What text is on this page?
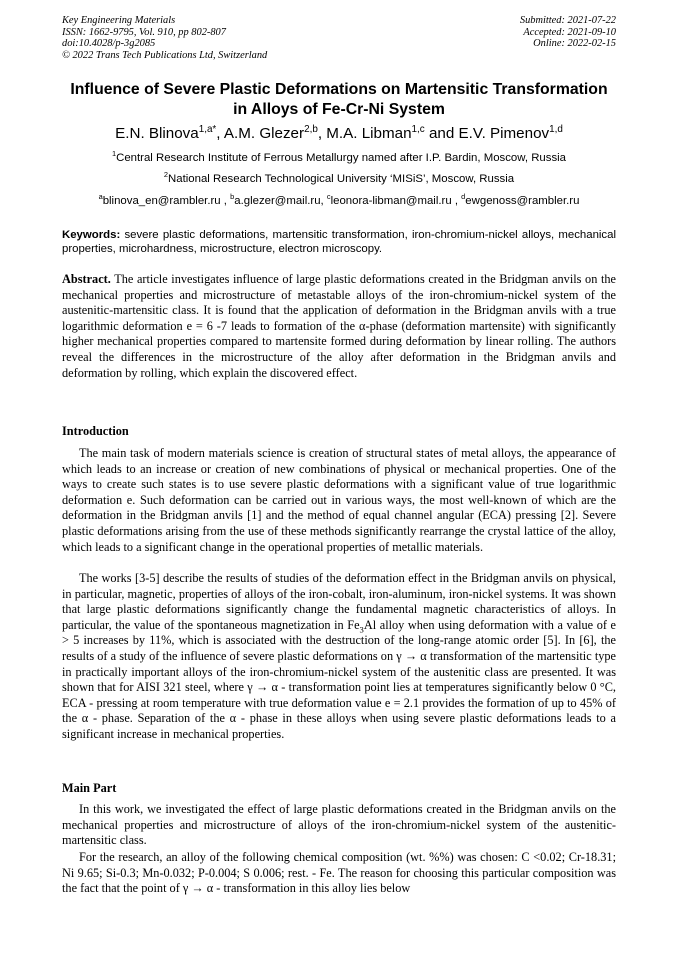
Key Engineering Materials
ISSN: 1662-9795, Vol. 910, pp 802-807
doi:10.4028/p-3g2085
© 2022 Trans Tech Publications Ltd, Switzerland
Submitted: 2021-07-22
Accepted: 2021-09-10
Online: 2022-02-15
Influence of Severe Plastic Deformations on Martensitic Transformation
in Alloys of Fe-Cr-Ni System
E.N. Blinova$^{1,a*}$, A.M. Glezer$^{2,b}$, M.A. Libman$^{1,c}$ and E.V. Pimenov$^{1,d}$
$^1$Central Research Institute of Ferrous Metallurgy named after I.P. Bardin, Moscow, Russia
$^2$National Research Technological University ‘MISiS’, Moscow, Russia
$^a$blinova_en@rambler.ru , $^b$a.glezer@mail.ru, $^c$leonora-libman@mail.ru , $^d$ewgenoss@rambler.ru
Keywords: severe plastic deformations, martensitic transformation, iron-chromium-nickel alloys, mechanical properties, microhardness, microstructure, electron microscopy.
Abstract. The article investigates influence of large plastic deformations created in the Bridgman anvils on the mechanical properties and microstructure of metastable alloys of the iron-chromium-nickel system of the austenitic-martensitic class. It is found that the application of deformation in the Bridgman anvils with a true logarithmic deformation e = 6 -7 leads to formation of the α-phase (deformation martensite) with significantly higher mechanical properties compared to martensite formed during deformation by linear rolling. The authors reveal the differences in the microstructure of the alloy after deformation in the Bridgman anvils and deformation by rolling, which explain the discovered effect.
Introduction
The main task of modern materials science is creation of structural states of metal alloys, the appearance of which leads to an increase or creation of new combinations of physical or mechanical properties. One of the ways to create such states is to use severe plastic deformations with a significant value of true logarithmic deformation e. Such deformation can be carried out in various ways, the most well-known of which are the deformation in the Bridgman anvils [1] and the method of equal channel angular (ECA) pressing [2]. Severe plastic deformations arising from the use of these methods significantly rearrange the crystal lattice of the alloy, which leads to a significant change in the operational properties of metallic materials.
The works [3-5] describe the results of studies of the deformation effect in the Bridgman anvils on physical, in particular, magnetic, properties of alloys of the iron-cobalt, iron-aluminum, iron-nickel systems. It was shown that large plastic deformations significantly change the fundamental magnetic characteristics of alloys. In particular, the value of the spontaneous magnetization in $Fe_3Al$ alloy when using deformation with a value of e > 5 increases by 11%, which is associated with the destruction of the long-range atomic order [5]. In [6], the results of a study of the influence of severe plastic deformations on γ → α transformation of the martensitic type in practically important alloys of the iron-chromium-nickel system of the austenitic class are presented. It was shown that for AISI 321 steel, where γ → α - transformation point lies at temperatures significantly below 0 °C, ECA - pressing at room temperature with true deformation value e = 2.1 provides the formation of up to 45% of the α - phase. Separation of the α - phase in these alloys when using severe plastic deformations leads to a significant increase in mechanical properties.
Main Part
In this work, we investigated the effect of large plastic deformations created in the Bridgman anvils on the mechanical properties and microstructure of alloys of the iron-chromium-nickel system of the austenitic-martensitic class.
For the research, an alloy of the following chemical composition (wt. %%) was chosen: C <0.02; Cr-18.31; Ni 9.65; Si-0.3; Mn-0.032; P-0.004; S 0.006; rest. - Fe. The reason for choosing this particular composition was the fact that the point of γ → α - transformation in this alloy lies below
